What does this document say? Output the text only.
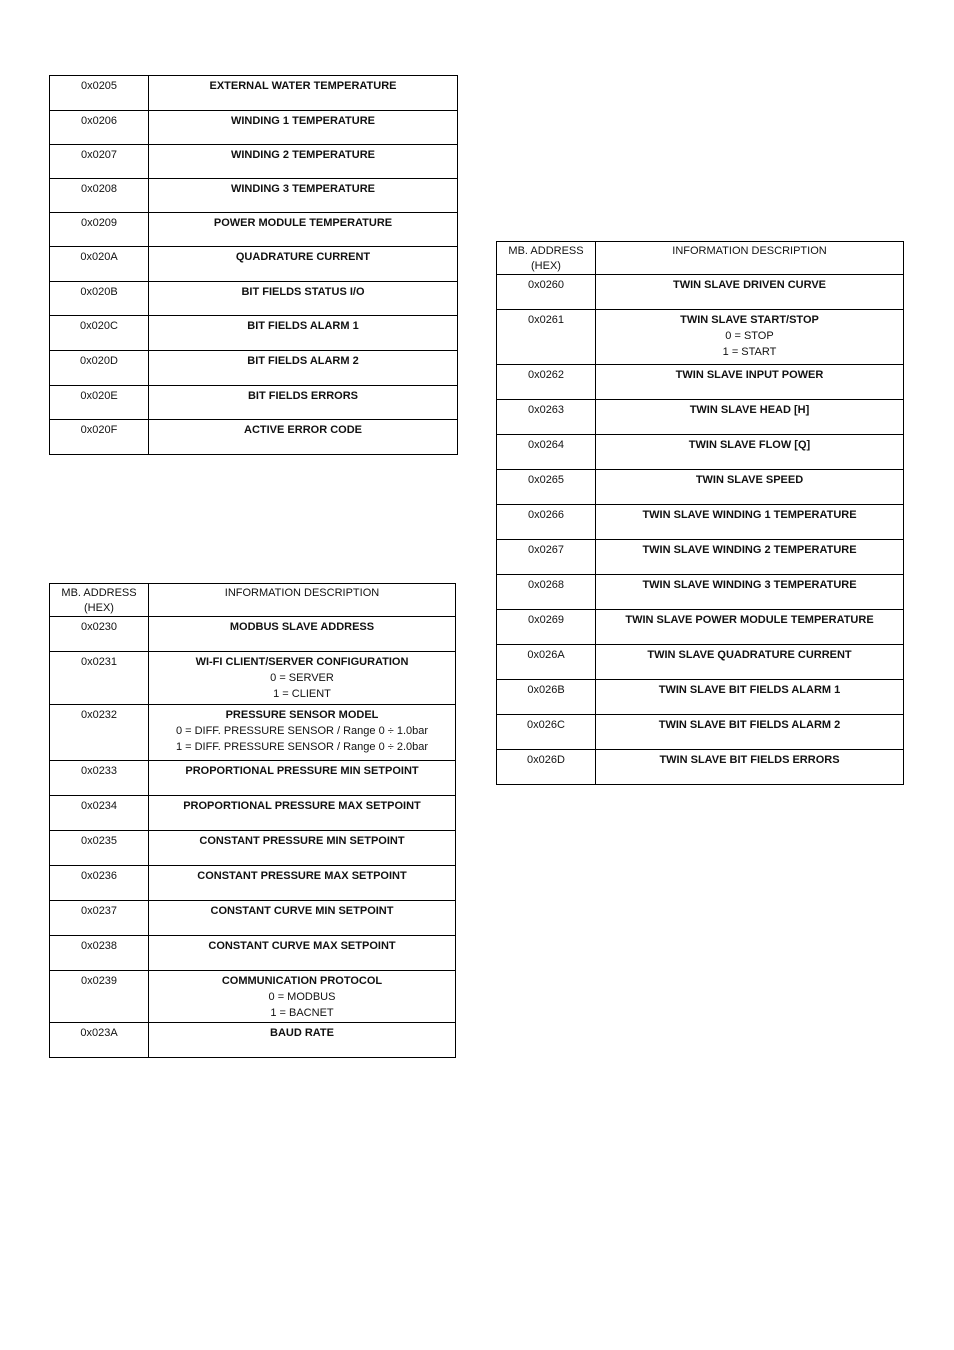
0x0205	EXTERNAL WATER TEMPERATURE

0x0206	WINDING 1 TEMPERATURE

0x0207	WINDING 2 TEMPERATURE

0x0208	WINDING 3 TEMPERATURE

0x0209	POWER MODULE TEMPERATURE

0x020A	QUADRATURE CURRENT

0x020B	BIT FIELDS STATUS I/O

0x020C	BIT FIELDS ALARM 1

0x020D	BIT FIELDS ALARM 2

0x020E	BIT FIELDS ERRORS

0x020F	ACTIVE ERROR CODE
MB. ADDRESS
(HEX)	INFORMATION DESCRIPTION
0x0230	MODBUS SLAVE ADDRESS

0x0231	WI-FI CLIENT/SERVER CONFIGURATION
0 = SERVER
1 = CLIENT

0x0232	PRESSURE SENSOR MODEL
0 = DIFF. PRESSURE SENSOR / Range 0 ÷ 1.0bar
1 = DIFF. PRESSURE SENSOR / Range 0 ÷ 2.0bar

0x0233	PROPORTIONAL PRESSURE MIN SETPOINT

0x0234	PROPORTIONAL PRESSURE MAX SETPOINT

0x0235	CONSTANT PRESSURE MIN SETPOINT

0x0236	CONSTANT PRESSURE MAX SETPOINT

0x0237	CONSTANT CURVE MIN SETPOINT

0x0238	CONSTANT CURVE MAX SETPOINT

0x0239	COMMUNICATION PROTOCOL
0 = MODBUS
1 = BACNET

0x023A	BAUD RATE
MB. ADDRESS
(HEX)	INFORMATION DESCRIPTION
0x0260	TWIN SLAVE DRIVEN CURVE

0x0261	TWIN SLAVE START/STOP
0 = STOP
1 = START

0x0262	TWIN SLAVE INPUT POWER

0x0263	TWIN SLAVE HEAD [H]

0x0264	TWIN SLAVE FLOW [Q]

0x0265	TWIN SLAVE SPEED

0x0266	TWIN SLAVE WINDING 1 TEMPERATURE

0x0267	TWIN SLAVE WINDING 2 TEMPERATURE

0x0268	TWIN SLAVE WINDING 3 TEMPERATURE

0x0269	TWIN SLAVE POWER MODULE TEMPERATURE

0x026A	TWIN SLAVE QUADRATURE CURRENT

0x026B	TWIN SLAVE BIT FIELDS ALARM 1

0x026C	TWIN SLAVE BIT FIELDS ALARM 2

0x026D	TWIN SLAVE BIT FIELDS ERRORS
